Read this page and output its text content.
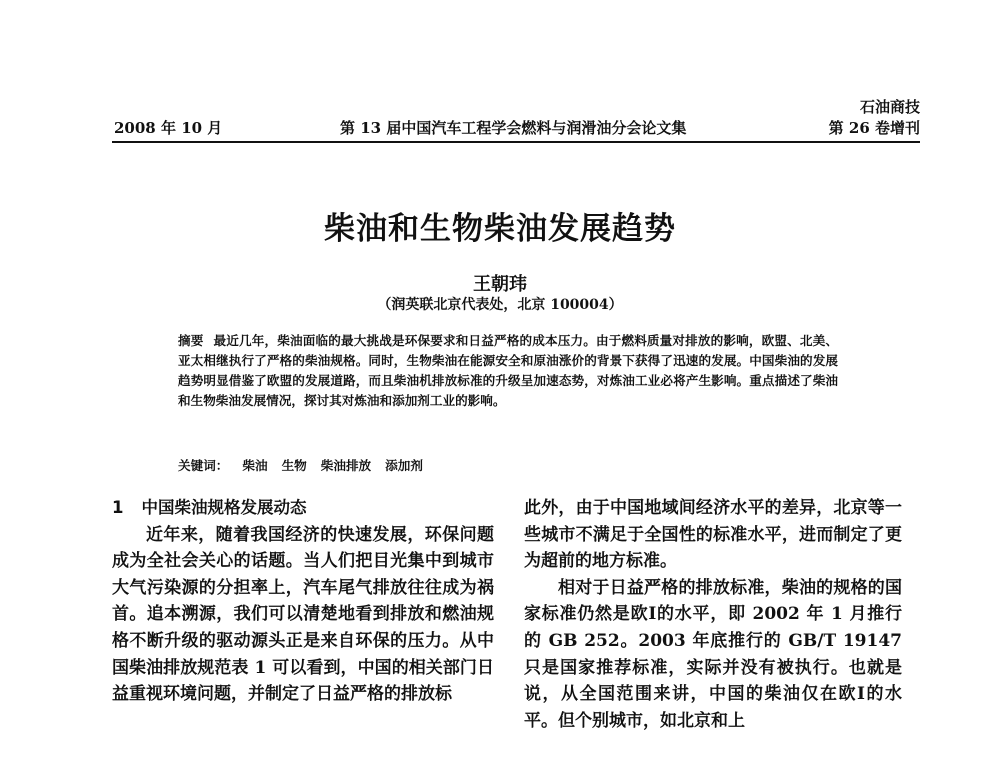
石油商技
2008 年 10 月	第 13 届中国汽车工程学会燃料与润滑油分会论文集	第 26 卷增刊
柴油和生物柴油发展趋势
王朝玮
（润英联北京代表处，北京 100004）
摘要 最近几年，柴油面临的最大挑战是环保要求和日益严格的成本压力。由于燃料质量对排放的影响，欧盟、北美、亚太相继执行了严格的柴油规格。同时，生物柴油在能源安全和原油涨价的背景下获得了迅速的发展。中国柴油的发展趋势明显借鉴了欧盟的发展道路，而且柴油机排放标准的升级呈加速态势，对炼油工业必将产生影响。重点描述了柴油和生物柴油发展情况，探讨其对炼油和添加剂工业的影响。
关键词： 柴油 生物 柴油排放 添加剂
1 中国柴油规格发展动态

近年来，随着我国经济的快速发展，环保问题成为全社会关心的话题。当人们把目光集中到城市大气污染源的分担率上，汽车尾气排放往往成为祸首。追本溯源，我们可以清楚地看到排放和燃油规格不断升级的驱动源头正是来自环保的压力。从中国柴油排放规范表 1 可以看到，中国的相关部门日益重视环境问题，并制定了日益严格的排放标

此外，由于中国地域间经济水平的差异，北京等一些城市不满足于全国性的标准水平，进而制定了更为超前的地方标准。

相对于日益严格的排放标准，柴油的规格的国家标准仍然是欧Ⅰ的水平，即 2002 年 1 月推行的 GB 252。2003 年底推行的 GB/T 19147 只是国家推荐标准，实际并没有被执行。也就是说，从全国范围来讲，中国的柴油仅在欧Ⅰ的水平。但个别城市，如北京和上
